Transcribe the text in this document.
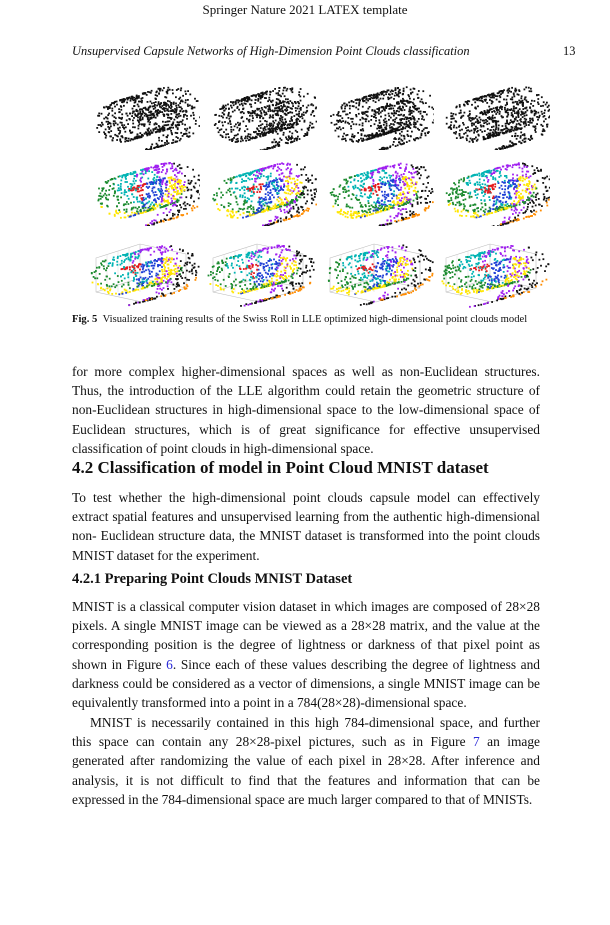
Springer Nature 2021 LATEX template
Unsupervised Capsule Networks of High-Dimension Point Clouds classification	13
Fig. 5 Visualized training results of the Swiss Roll in LLE optimized high-dimensional point clouds model

for more complex higher-dimensional spaces as well as non-Euclidean structures. Thus, the introduction of the LLE algorithm could retain the geometric structure of non-Euclidean structures in high-dimensional space to the low-dimensional space of Euclidean structures, which is of great significance for effective unsupervised classification of point clouds in high-dimensional space.

4.2 Classification of model in Point Cloud MNIST dataset

To test whether the high-dimensional point clouds capsule model can effectively extract spatial features and unsupervised learning from the authentic high-dimensional non- Euclidean structure data, the MNIST dataset is transformed into the point clouds MNIST dataset for the experiment.

4.2.1 Preparing Point Clouds MNIST Dataset

MNIST is a classical computer vision dataset in which images are composed of 28×28 pixels. A single MNIST image can be viewed as a 28×28 matrix, and the value at the corresponding position is the degree of lightness or darkness of that pixel point as shown in Figure 6. Since each of these values describing the degree of lightness and darkness could be considered as a vector of dimensions, a single MNIST image can be equivalently transformed into a point in a 784(28×28)-dimensional space.

MNIST is necessarily contained in this high 784-dimensional space, and further this space can contain any 28×28-pixel pictures, such as in Figure 7 an image generated after randomizing the value of each pixel in 28×28. After inference and analysis, it is not difficult to find that the features and information that can be expressed in the 784-dimensional space are much larger compared to that of MNISTs.
